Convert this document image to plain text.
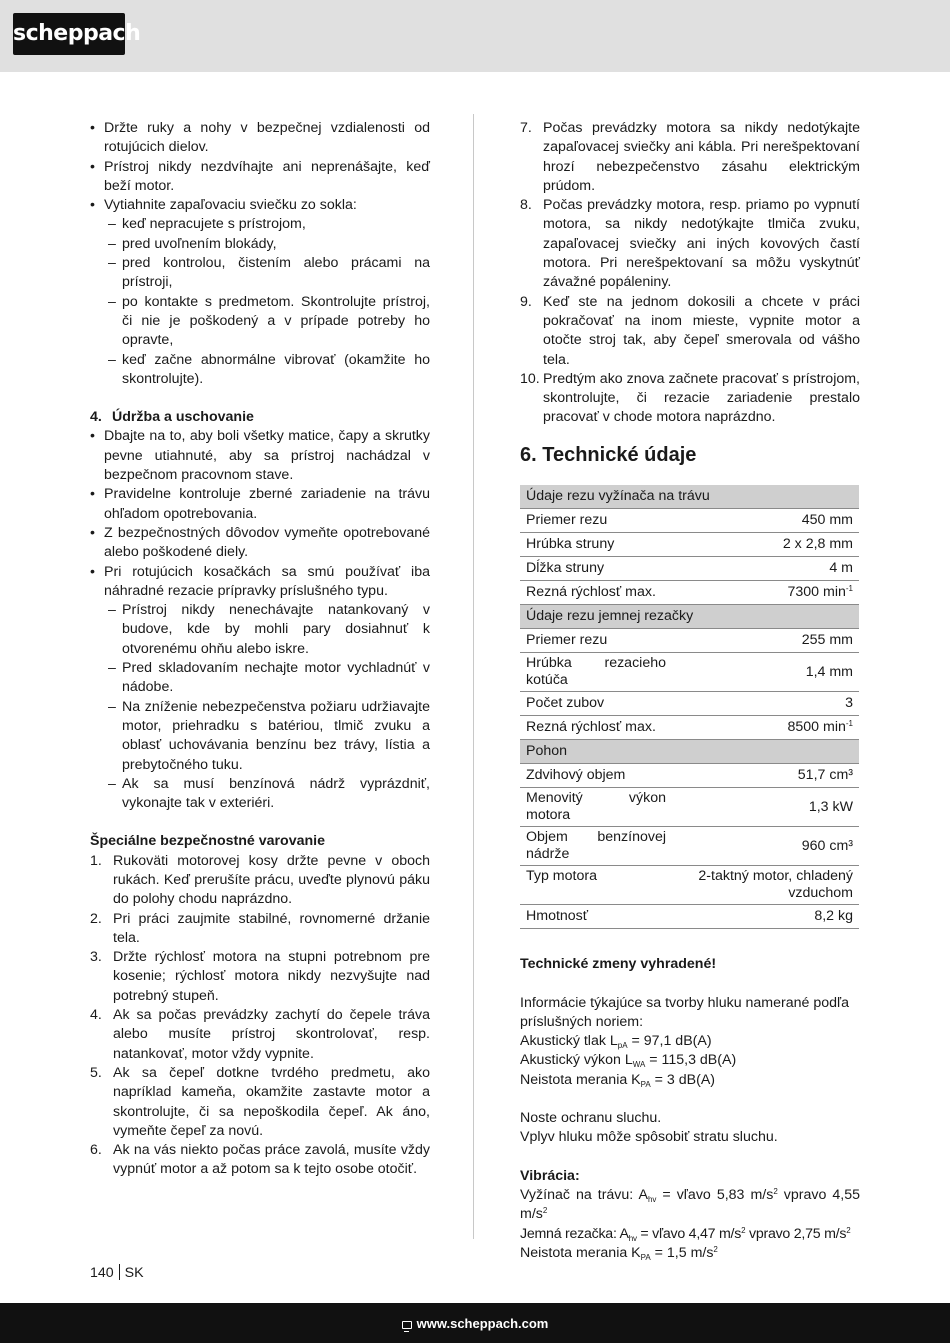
scheppach
• Držte ruky a nohy v bezpečnej vzdialenosti od rotujúcich dielov.
• Prístroj nikdy nezdvíhajte ani neprenášajte, keď beží motor.
• Vytiahnite zapaľovaciu sviečku zo sokla:
– keď nepracujete s prístrojom,
– pred uvoľnením blokády,
– pred kontrolou, čistením alebo prácami na prístroji,
– po kontakte s predmetom. Skontrolujte prístroj, či nie je poškodený a v prípade potreby ho opravte,
– keď začne abnormálne vibrovať (okamžite ho skontrolujte).
4. Údržba a uschovanie
• Dbajte na to, aby boli všetky matice, čapy a skrutky pevne utiahnuté, aby sa prístroj nachádzal v bezpečnom pracovnom stave.
• Pravidelne kontroluje zberné zariadenie na trávu ohľadom opotrebovania.
• Z bezpečnostných dôvodov vymeňte opotrebované alebo poškodené diely.
• Pri rotujúcich kosačkách sa smú používať iba náhradné rezacie prípravky príslušného typu.
– Prístroj nikdy nenechávajte natankovaný v budove, kde by mohli pary dosiahnuť k otvorenému ohňu alebo iskre.
– Pred skladovaním nechajte motor vychladnúť v nádobe.
– Na zníženie nebezpečenstva požiaru udržiavajte motor, priehradku s batériou, tlmič zvuku a oblasť uchovávania benzínu bez trávy, lístia a prebytočného tuku.
– Ak sa musí benzínová nádrž vyprázdniť, vykonajte tak v exteriéri.
Špeciálne bezpečnostné varovanie
1. Rukoväti motorovej kosy držte pevne v oboch rukách. Keď prerušíte prácu, uveďte plynovú páku do polohy chodu naprázdno.
2. Pri práci zaujmite stabilné, rovnomerné držanie tela.
3. Držte rýchlosť motora na stupni potrebnom pre kosenie; rýchlosť motora nikdy nezvyšujte nad potrebný stupeň.
4. Ak sa počas prevádzky zachytí do čepele tráva alebo musíte prístroj skontrolovať, resp. natankovať, motor vždy vypnite.
5. Ak sa čepeľ dotkne tvrdého predmetu, ako napríklad kameňa, okamžite zastavte motor a skontrolujte, či sa nepoškodila čepeľ. Ak áno, vymeňte čepeľ za novú.
6. Ak na vás niekto počas práce zavolá, musíte vždy vypnúť motor a až potom sa k tejto osobe otočiť.
7. Počas prevádzky motora sa nikdy nedotýkajte zapaľovacej sviečky ani kábla. Pri nerešpektovaní hrozí nebezpečenstvo zásahu elektrickým prúdom.
8. Počas prevádzky motora, resp. priamo po vypnutí motora, sa nikdy nedotýkajte tlmiča zvuku, zapaľovacej sviečky ani iných kovových častí motora. Pri nerešpektovaní sa môžu vyskytnúť závažné popáleniny.
9. Keď ste na jednom dokosili a chcete v práci pokračovať na inom mieste, vypnite motor a otočte stroj tak, aby čepeľ smerovala od vášho tela.
10. Predtým ako znova začnete pracovať s prístrojom, skontrolujte, či rezacie zariadenie prestalo pracovať v chode motora naprázdno.
6. Technické údaje
Údaje rezu vyžínača na trávu	
Priemer rezu	450 mm
Hrúbka struny	2 x 2,8 mm
Dĺžka struny	4 m
Rezná rýchlosť max.	7300 $\min^{-1}$
Údaje rezu jemnej rezačky	
Priemer rezu	255 mm
Hrúbka rezacieho kotúča	1,4 mm
Počet zubov	3
Rezná rýchlosť max.	8500 $\min^{-1}$
Pohon	
Zdvihový objem	51,7 cm³
Menovitý výkon motora	1,3 kW
Objem benzínovej nádrže	960 cm³
Typ motora	2-taktný motor, chladený vzduchom
Hmotnosť	8,2 kg
Technické zmeny vyhradené!
Informácie týkajúce sa tvorby hluku namerané podľa príslušných noriem:
Akustický tlak $L_{pA} = 97,1$ dB(A)
Akustický výkon $L_{WA} = 115,3$ dB(A)
Neistota merania $K_{PA} = 3$ dB(A)
Noste ochranu sluchu.
Vplyv hluku môže spôsobiť stratu sluchu.
Vibrácia:
Vyžínač na trávu: $A_{hv}$ = vľavo 5,83 $m/s^2$ vpravo 4,55 $m/s^2$
Jemná rezačka: $A_{hv}$ = vľavo 4,47 $m/s^2$ vpravo 2,75 $m/s^2$
Neistota merania $K_{PA} = 1,5$ $m/s^2$
140 SK
www.scheppach.com
